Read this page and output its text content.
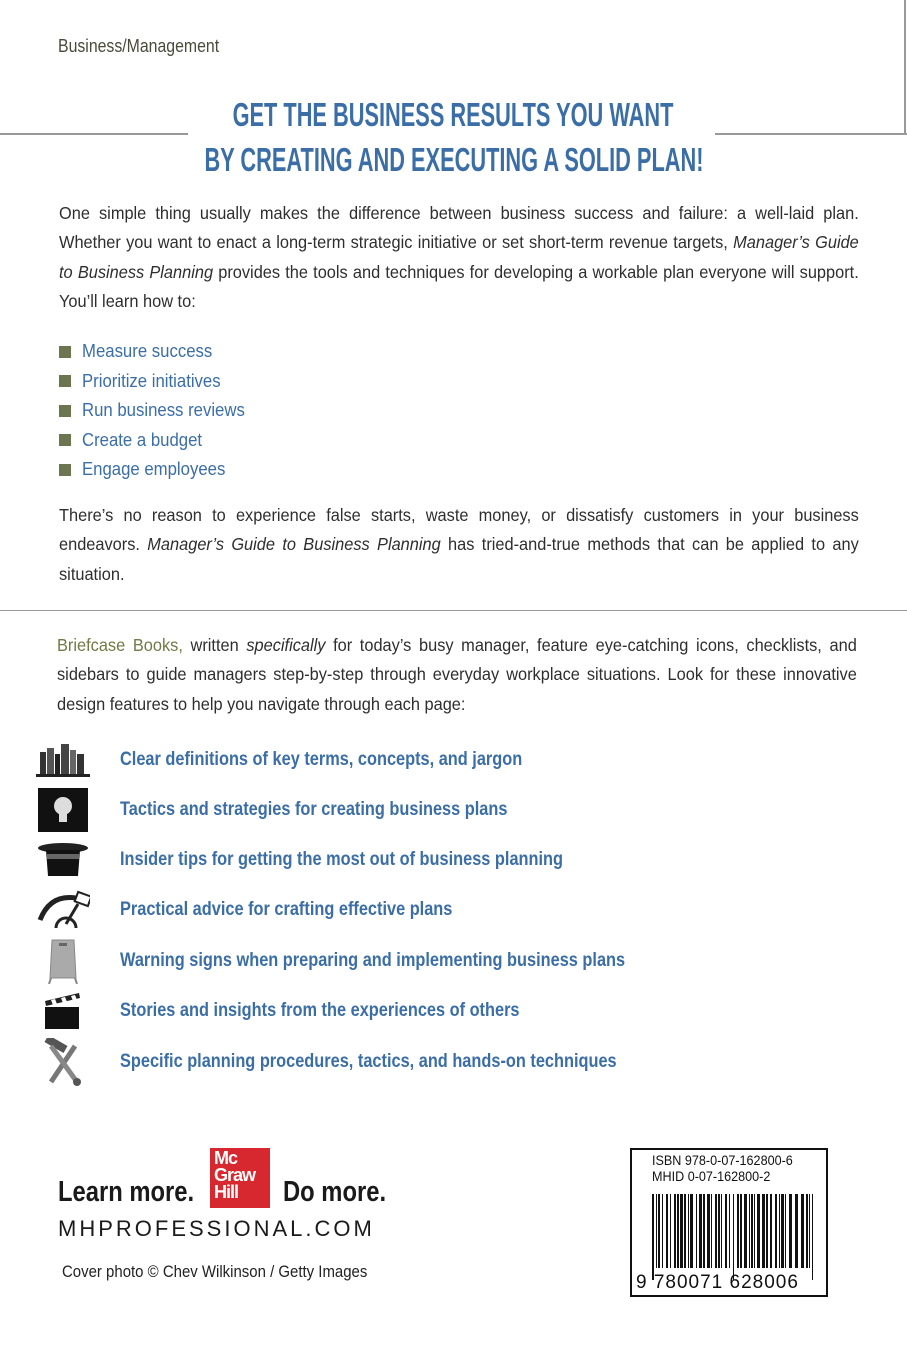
Business/Management
GET THE BUSINESS RESULTS YOU WANT
BY CREATING AND EXECUTING A SOLID PLAN!
One simple thing usually makes the difference between business success and failure: a well-laid plan. Whether you want to enact a long-term strategic initiative or set short-term revenue targets, Manager’s Guide to Business Planning provides the tools and techniques for developing a workable plan everyone will support. You’ll learn how to:
Measure success
Prioritize initiatives
Run business reviews
Create a budget
Engage employees
There’s no reason to experience false starts, waste money, or dissatisfy customers in your business endeavors. Manager’s Guide to Business Planning has tried-and-true methods that can be applied to any situation.
Briefcase Books, written specifically for today’s busy manager, feature eye-catching icons, checklists, and sidebars to guide managers step-by-step through everyday workplace situations. Look for these innovative design features to help you navigate through each page:
Clear definitions of key terms, concepts, and jargon
Tactics and strategies for creating business plans
Insider tips for getting the most out of business planning
Practical advice for crafting effective plans
Warning signs when preparing and implementing business plans
Stories and insights from the experiences of others
Specific planning procedures, tactics, and hands-on techniques
Learn more.
Mc
Graw
Hill	Do more.
MHPROFESSIONAL.COM
Cover photo © Chev Wilkinson / Getty Images
ISBN 978-0-07-162800-6
MHID 0-07-162800-2
9 780071 628006
